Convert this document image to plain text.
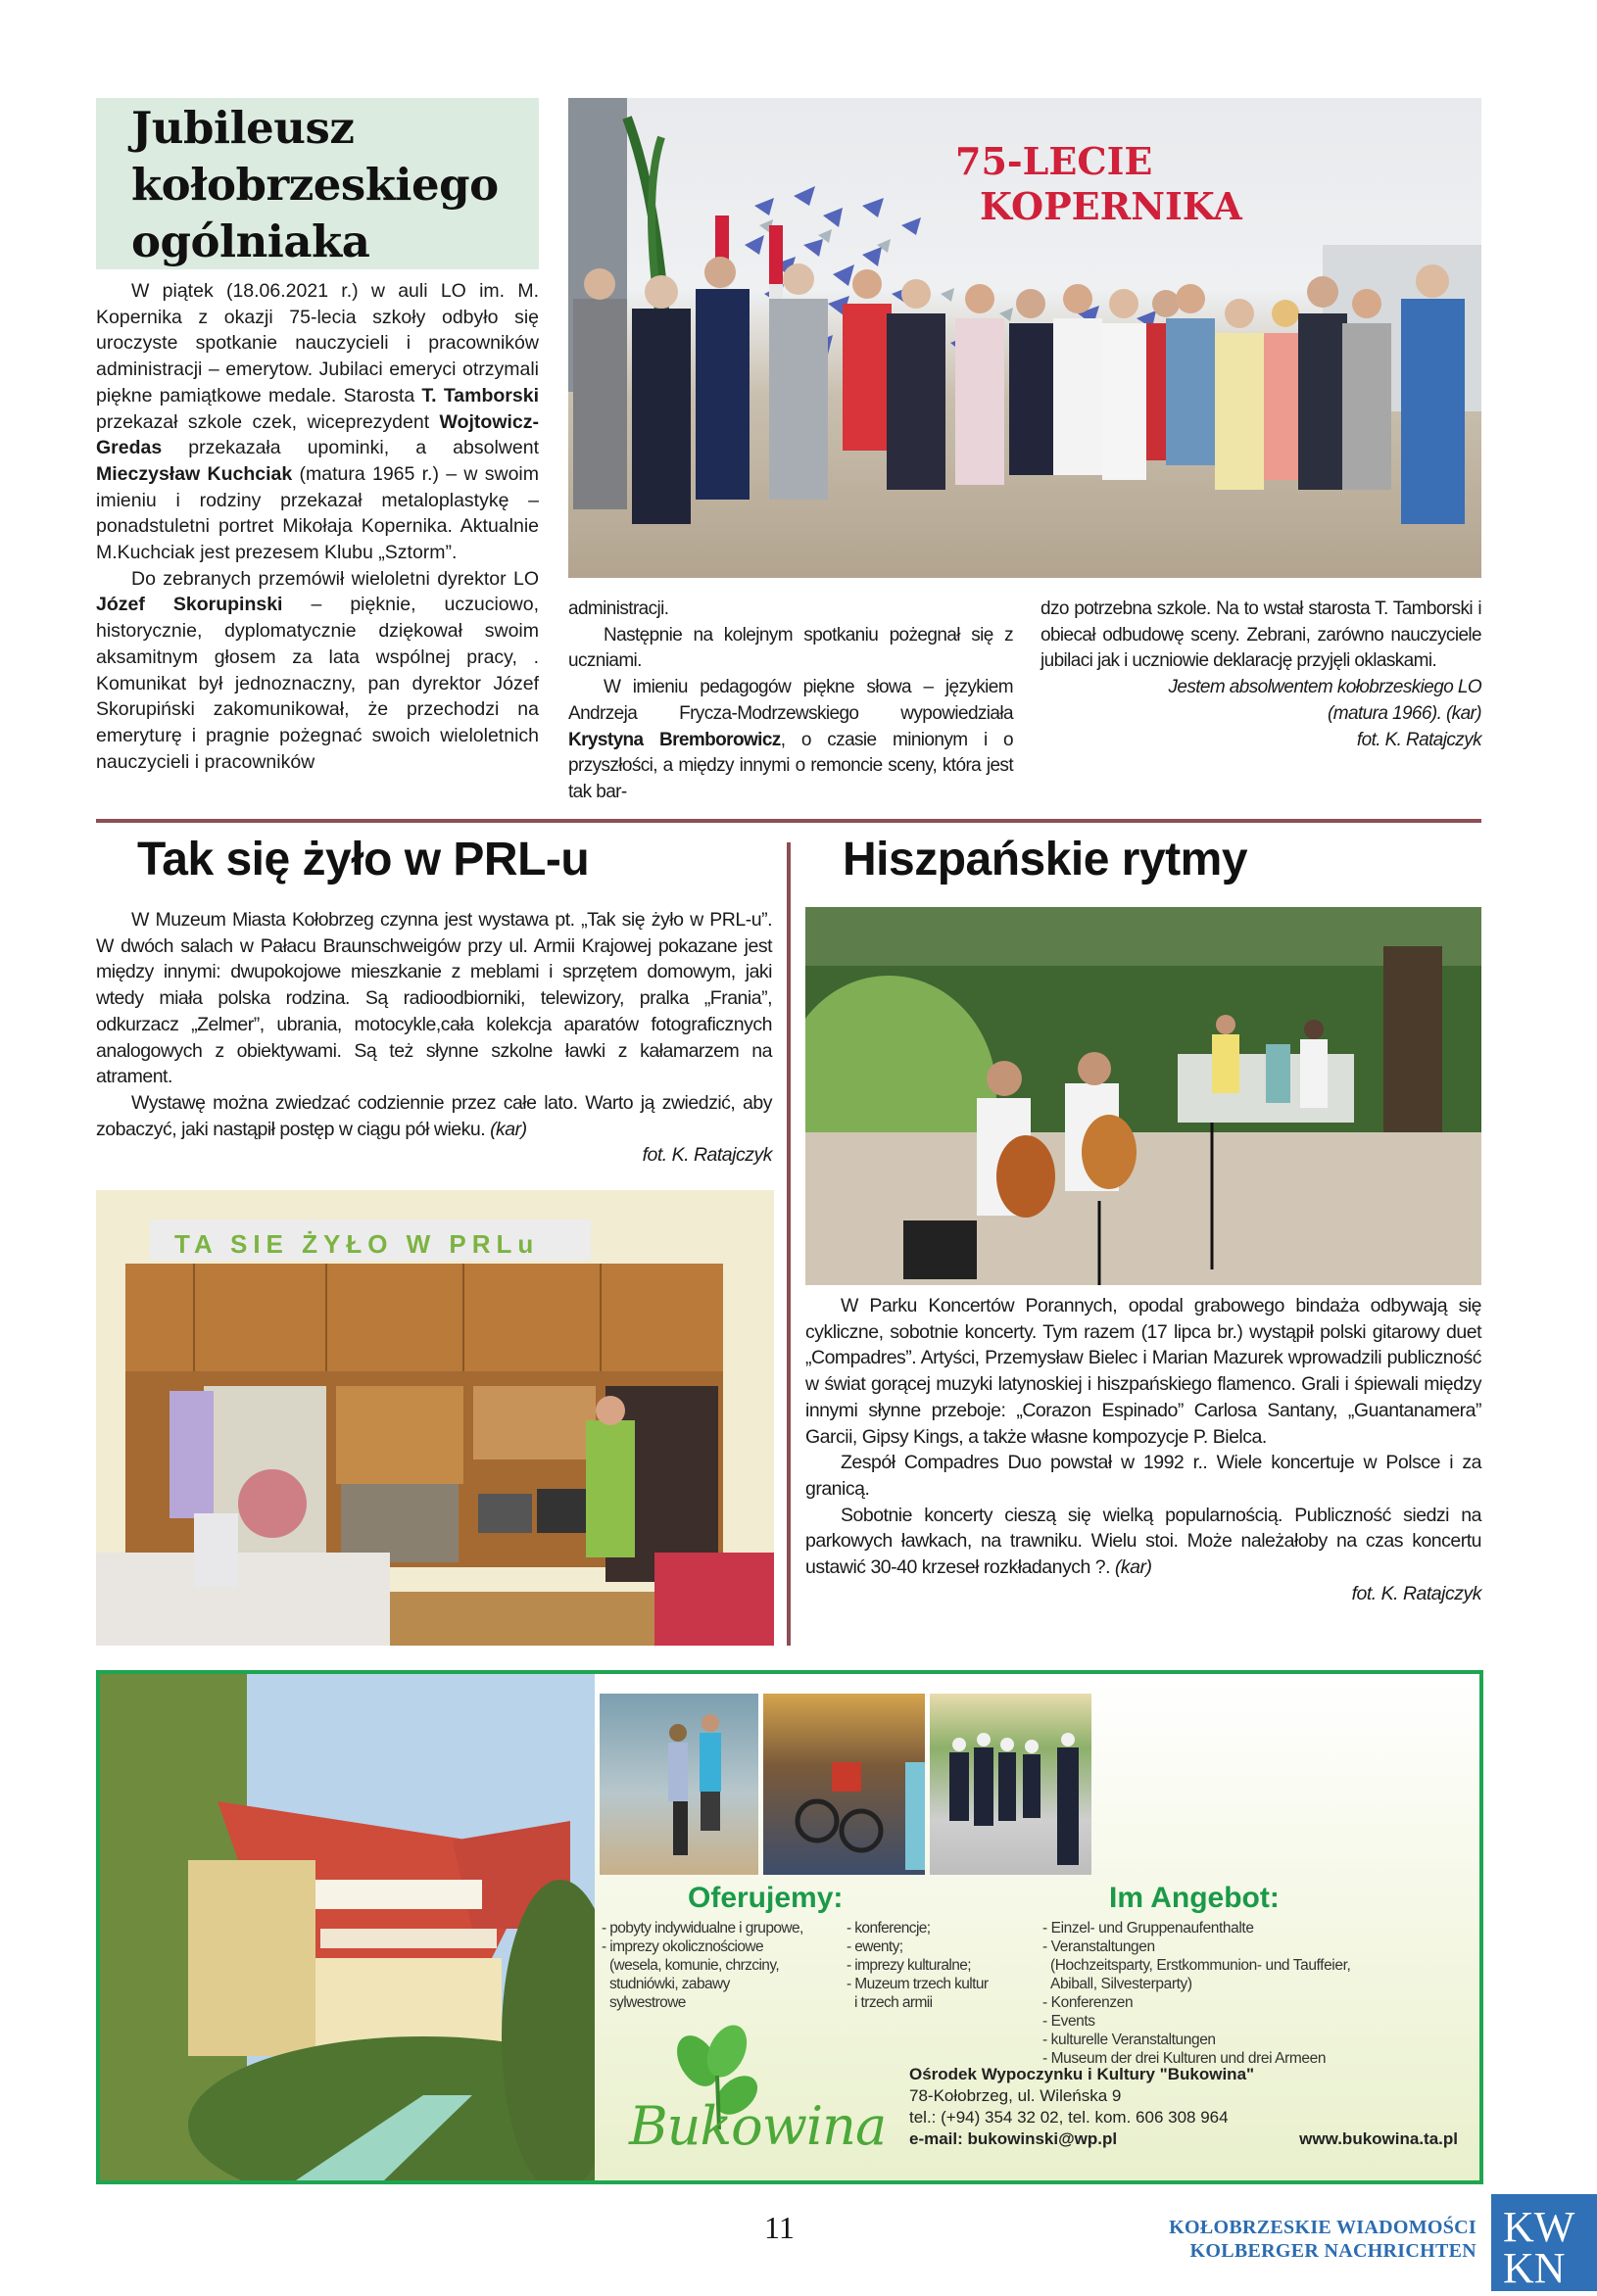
Jubileusz
kołobrzeskiego
ogólniaka
75-LECIE
KOPERNIKA

W piątek (18.06.2021 r.) w auli LO im. M. Kopernika z okazji 75-lecia szkoły odbyło się uroczyste spotkanie nauczycieli i pracowników administracji – emerytow. Jubilaci emeryci otrzymali piękne pamiątkowe medale. Starosta T. Tamborski przekazał szkole czek, wiceprezydent Wojtowicz-Gredas przekazała upominki, a absolwent Mieczysław Kuchciak (matura 1965 r.) – w swoim imieniu i rodziny przekazał metaloplastykę – ponadstuletni portret Mikołaja Kopernika. Aktualnie M.Kuchciak jest prezesem Klubu „Sztorm”.

Do zebranych przemówił wieloletni dyrektor LO Józef Skorupinski – pięknie, uczuciowo, historycznie, dyplomatycznie dziękował swoim aksamitnym głosem za lata wspólnej pracy, . Komunikat był jednoznaczny, pan dyrektor Józef Skorupiński zakomunikował, że przechodzi na emeryturę i pragnie pożegnać swoich wieloletnich nauczycieli i pracowników

administracji.

Następnie na kolejnym spotkaniu pożegnał się z uczniami.

W imieniu pedagogów piękne słowa – językiem Andrzeja Frycza-Modrzewskiego wypowiedziała Krystyna Bremborowicz, o czasie minionym i o przyszłości, a między innymi o remoncie sceny, która jest tak bar-

dzo potrzebna szkole. Na to wstał starosta T. Tamborski i obiecał odbudowę sceny. Zebrani, zarówno nauczyciele jubilaci jak i uczniowie deklarację przyjęli oklaskami.

Jestem absolwentem kołobrzeskiego LO
(matura 1966). (kar)
fot. K. Ratajczyk
Tak się żyło w PRL-u

W Muzeum Miasta Kołobrzeg czynna jest wystawa pt. „Tak się żyło w PRL-u”. W dwóch salach w Pałacu Braunschweigów przy ul. Armii Krajowej pokazane jest między innymi: dwupokojowe mieszkanie z meblami i sprzętem domowym, jaki wtedy miała polska rodzina. Są radioodbiorniki, telewizory, pralka „Frania”, odkurzacz „Zelmer”, ubrania, motocykle,cała kolekcja aparatów fotograficznych analogowych z obiektywami. Są też słynne szkolne ławki z kałamarzem na atrament.

Wystawę można zwiedzać codziennie przez całe lato. Warto ją zwiedzić, aby zobaczyć, jaki nastąpił postęp w ciągu pół wieku. (kar)

fot. K. Ratajczyk
TA SIE ŻYŁO W PRLu
Hiszpańskie rytmy

W Parku Koncertów Porannych, opodal grabowego bindaża odbywają się cykliczne, sobotnie koncerty. Tym razem (17 lipca br.) wystąpił polski gitarowy duet „Compadres”. Artyści, Przemysław Bielec i Marian Mazurek wprowadzili publiczność w świat gorącej muzyki latynoskiej i hiszpańskiego flamenco. Grali i śpiewali między innymi słynne przeboje: „Corazon Espinado” Carlosa Santany, „Guantanamera” Garcii, Gipsy Kings, a także własne kompozycje P. Bielca.

Zespół Compadres Duo powstał w 1992 r.. Wiele koncertuje w Polsce i za granicą.

Sobotnie koncerty cieszą się wielką popularnością. Publiczność siedzi na parkowych ławkach, na trawniku. Wielu stoi. Może należałoby na czas koncertu ustawić 30-40 krzeseł rozkładanych ?. (kar)

fot. K. Ratajczyk
Oferujemy:
- pobyty indywidualne i grupowe,
- imprezy okolicznościowe
(wesela, komunie, chrzciny,
studniówki, zabawy
sylwestrowe
- konferencje;
- ewenty;
- imprezy kulturalne;
- Muzeum trzech kultur
i trzech armii
Im Angebot:
- Einzel- und Gruppenaufenthalte
- Veranstaltungen
(Hochzeitsparty, Erstkommunion- und Tauffeier,
Abiball, Silvesterparty)
- Konferenzen
- Events
- kulturelle Veranstaltungen
- Museum der drei Kulturen und drei Armeen
Bukowina
Ośrodek Wypoczynku i Kultury "Bukowina"
78-Kołobrzeg, ul. Wileńska 9
tel.: (+94) 354 32 02, tel. kom. 606 308 964
e-mail: bukowinski@wp.pl	www.bukowina.ta.pl
11	KOŁOBRZESKIE WIADOMOŚCI
KOLBERGER NACHRICHTEN KW
KN
